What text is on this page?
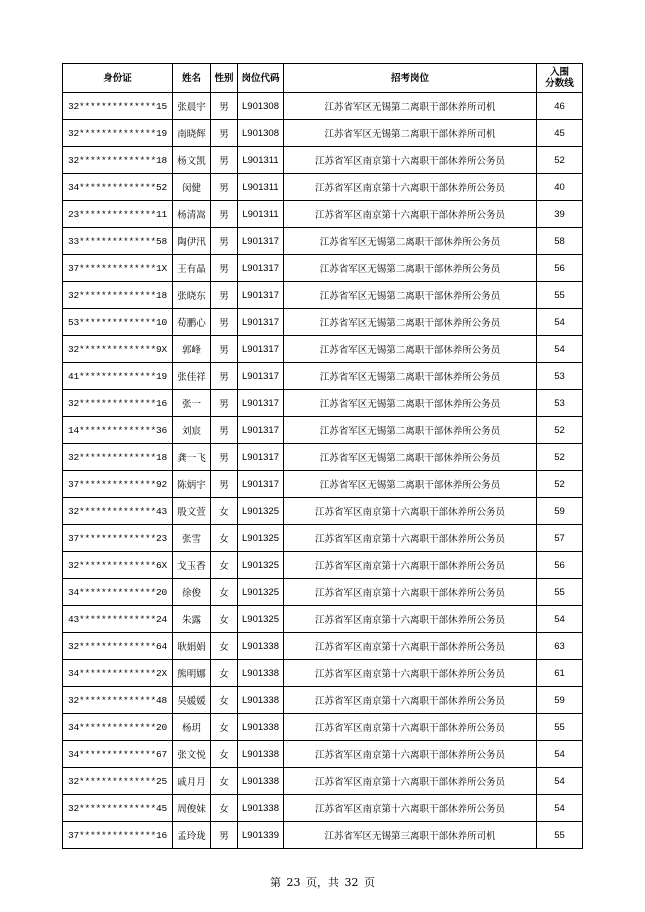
身份证	姓名	性别	岗位代码	招考岗位	入围
分数线
32**************15	张晨宇	男	L901308	江苏省军区无锡第二离职干部休养所司机	46
32**************19	南晓辉	男	L901308	江苏省军区无锡第二离职干部休养所司机	45
32**************18	杨文凯	男	L901311	江苏省军区南京第十六离职干部休养所公务员	52
34**************52	闵健	男	L901311	江苏省军区南京第十六离职干部休养所公务员	40
23**************11	杨清嵩	男	L901311	江苏省军区南京第十六离职干部休养所公务员	39
33**************58	陶伊汛	男	L901317	江苏省军区无锡第二离职干部休养所公务员	58
37**************1X	王有晶	男	L901317	江苏省军区无锡第二离职干部休养所公务员	56
32**************18	张晓东	男	L901317	江苏省军区无锡第二离职干部休养所公务员	55
53**************10	荀鹏心	男	L901317	江苏省军区无锡第二离职干部休养所公务员	54
32**************9X	郭峰	男	L901317	江苏省军区无锡第二离职干部休养所公务员	54
41**************19	张佳祥	男	L901317	江苏省军区无锡第二离职干部休养所公务员	53
32**************16	张一	男	L901317	江苏省军区无锡第二离职干部休养所公务员	53
14**************36	刘宸	男	L901317	江苏省军区无锡第二离职干部休养所公务员	52
32**************18	龚一飞	男	L901317	江苏省军区无锡第二离职干部休养所公务员	52
37**************92	陈炳宇	男	L901317	江苏省军区无锡第二离职干部休养所公务员	52
32**************43	殷文萱	女	L901325	江苏省军区南京第十六离职干部休养所公务员	59
37**************23	张雪	女	L901325	江苏省军区南京第十六离职干部休养所公务员	57
32**************6X	戈玉香	女	L901325	江苏省军区南京第十六离职干部休养所公务员	56
34**************20	徐俊	女	L901325	江苏省军区南京第十六离职干部休养所公务员	55
43**************24	朱露	女	L901325	江苏省军区南京第十六离职干部休养所公务员	54
32**************64	耿娟娟	女	L901338	江苏省军区南京第十六离职干部休养所公务员	63
34**************2X	熊明娜	女	L901338	江苏省军区南京第十六离职干部休养所公务员	61
32**************48	吴媛媛	女	L901338	江苏省军区南京第十六离职干部休养所公务员	59
34**************20	杨玥	女	L901338	江苏省军区南京第十六离职干部休养所公务员	55
34**************67	张文悦	女	L901338	江苏省军区南京第十六离职干部休养所公务员	54
32**************25	戚月月	女	L901338	江苏省军区南京第十六离职干部休养所公务员	54
32**************45	周俊妹	女	L901338	江苏省军区南京第十六离职干部休养所公务员	54
37**************16	孟玲珑	男	L901339	江苏省军区无锡第三离职干部休养所司机	55
第 23 页，共 32 页
